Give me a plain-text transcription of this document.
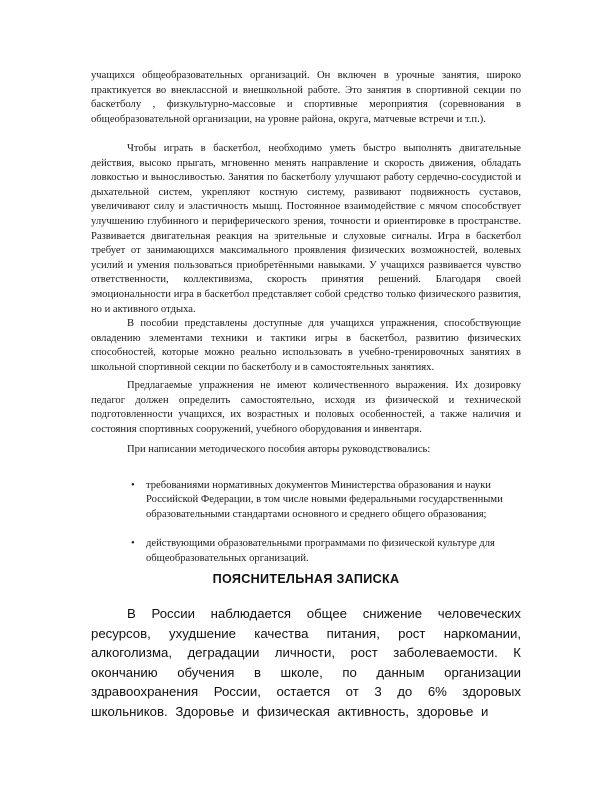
учащихся общеобразовательных организаций. Он включен в урочные занятия, широко практикуется во внеклассной и внешкольной работе. Это занятия в спортивной секции по баскетболу , физкультурно-массовые и спортивные мероприятия (соревнования в общеобразовательной организации, на уровне района, округа, матчевые встречи и т.п.).

Чтобы играть в баскетбол, необходимо уметь быстро выполнять двигательные действия, высоко прыгать, мгновенно менять направление и скорость движения, обладать ловкостью и выносливостью. Занятия по баскетболу улучшают работу сердечно-сосудистой и дыхательной систем, укрепляют костную систему, развивают подвижность суставов, увеличивают силу и эластичность мышц. Постоянное взаимодействие с мячом способствует улучшению глубинного и периферического зрения, точности и ориентировке в пространстве. Развивается двигательная реакция на зрительные и слуховые сигналы. Игра в баскетбол требует от занимающихся максимального проявления физических возможностей, волевых усилий и умения пользоваться приобретёнными навыками. У учащихся развивается чувство ответственности, коллективизма, скорость принятия решений. Благодаря своей эмоциональности игра в баскетбол представляет собой средство только физического развития, но и активного отдыха.

В пособии представлены доступные для учащихся упражнения, способствующие овладению элементами техники и тактики игры в баскетбол, развитию физических способностей, которые можно реально использовать в учебно-тренировочных занятиях в школьной спортивной секции по баскетболу и в самостоятельных занятиях.

Предлагаемые упражнения не имеют количественного выражения. Их дозировку педагог должен определить самостоятельно, исходя из физической и технической подготовленности учащихся, их возрастных и половых особенностей, а также наличия и состояния спортивных сооружений, учебного оборудования и инвентаря.

При написании методического пособия авторы руководствовались:

• требованиями нормативных документов Министерства образования и науки Российской Федерации, в том числе новыми федеральными государственными образовательными стандартами основного и среднего общего образования;

• действующими образовательными программами по физической культуре для общеобразовательных организаций.

ПОЯСНИТЕЛЬНАЯ ЗАПИСКА

В России наблюдается общее снижение человеческих ресурсов, ухудшение качества питания, рост наркомании, алкоголизма, деградации личности, рост заболеваемости. К окончанию обучения в школе, по данным организации здравоохранения России, остается от 3 до 6% здоровых школьников. Здоровье и физическая активность, здоровье и
